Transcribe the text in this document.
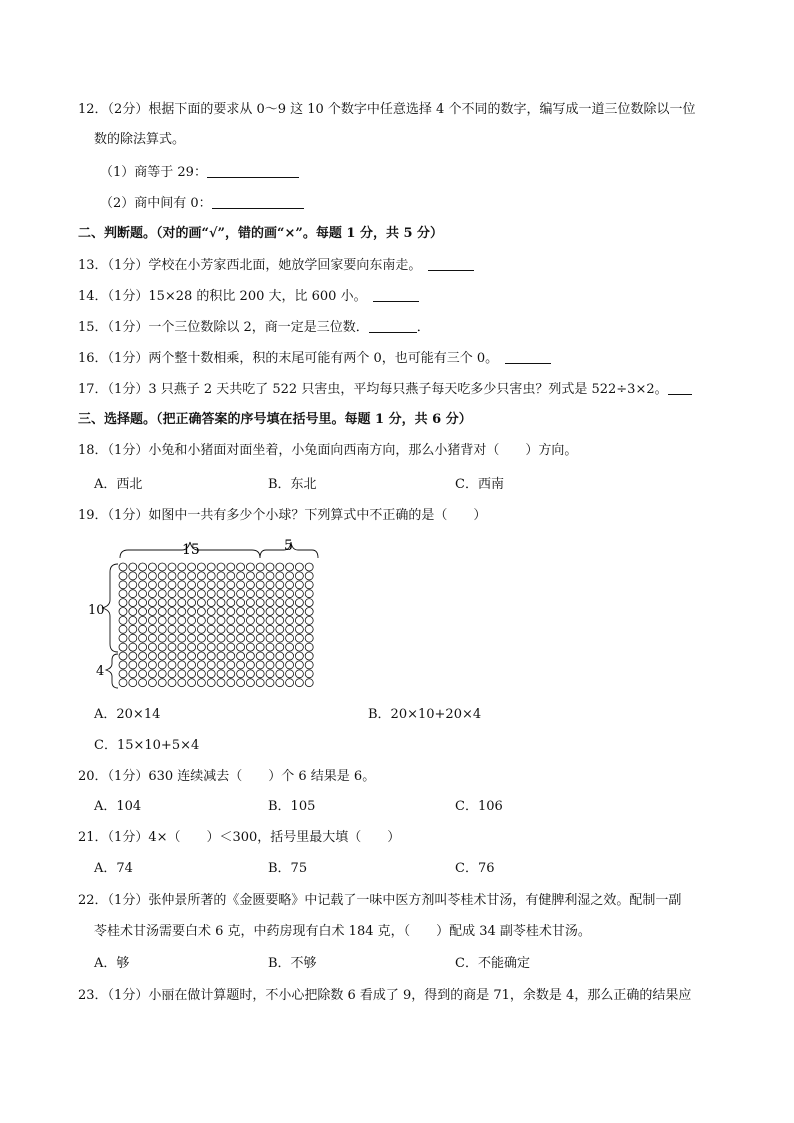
12．（2分）根据下面的要求从 0～9 这 10 个数字中任意选择 4 个不同的数字，编写成一道三位数除以一位
数的除法算式。
（1）商等于 29：
（2）商中间有 0：
二、判断题。（对的画“√”，错的画“×”。每题 1 分，共 5 分）
13．（1分）学校在小芳家西北面，她放学回家要向东南走。　
14．（1分）15×28 的积比 200 大，比 600 小。　
15．（1分）一个三位数除以 2，商一定是三位数．	．
16．（1分）两个整十数相乘，积的末尾可能有两个 0，也可能有三个 0。　
17．（1分）3 只燕子 2 天共吃了 522 只害虫，平均每只燕子每天吃多少只害虫？列式是 522÷3×2。
三、选择题。（把正确答案的序号填在括号里。每题 1 分，共 6 分）
18．（1分）小兔和小猪面对面坐着，小兔面向西南方向，那么小猪背对（　　）方向。
A．西北	B．东北	C．西南
19．（1分）如图中一共有多少个小球？下列算式中不正确的是（　　）
15	5
10
4
A．20×14	B．20×10+20×4
C．15×10+5×4
20．（1分）630 连续减去（　　）个 6 结果是 6。
A．104	B．105	C．106
21．（1分）4×（　　）＜300，括号里最大填（　　）
A．74	B．75	C．76
22．（1分）张仲景所著的《金匮要略》中记载了一味中医方剂叫苓桂术甘汤，有健脾利湿之效。配制一副
苓桂术甘汤需要白术 6 克，中药房现有白术 184 克，（　　）配成 34 副苓桂术甘汤。
A．够	B．不够	C．不能确定
23．（1分）小丽在做计算题时，不小心把除数 6 看成了 9，得到的商是 71，余数是 4，那么正确的结果应
